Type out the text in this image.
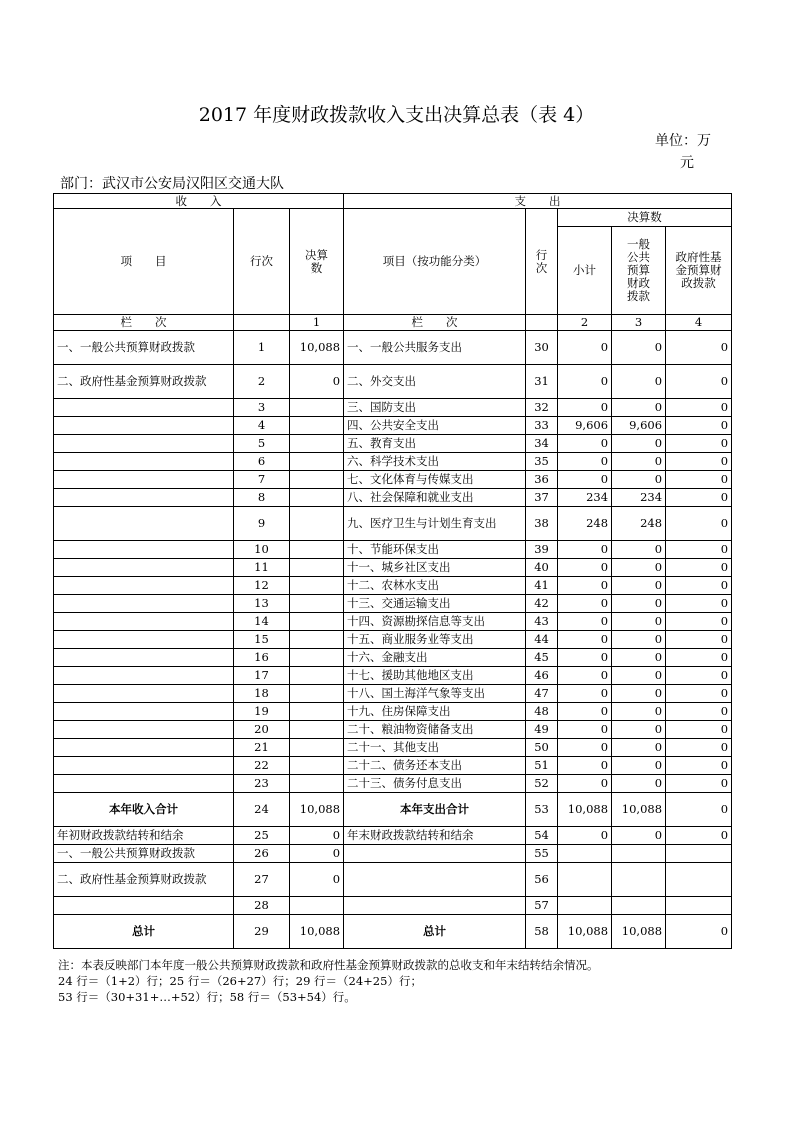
2017 年度财政拨款收入支出决算总表（表 4）
单位：万
元
部门：武汉市公安局汉阳区交通大队
收　　入			支　　出				
项　　目	行次	决算数	项目（按功能分类）	行次	决算数		
					小计	一般公共预算财政拨款	政府性基金预算财政拨款

栏　　次		1	栏　　次		2	3	4
一、一般公共预算财政拨款	1	10,088	一、一般公共服务支出	30	0	0	0
二、政府性基金预算财政拨款	2	0	二、外交支出	31	0	0	0
	3		三、国防支出	32	0	0	0
	4		四、公共安全支出	33	9,606	9,606	0
	5		五、教育支出	34	0	0	0
	6		六、科学技术支出	35	0	0	0
	7		七、文化体育与传媒支出	36	0	0	0
	8		八、社会保障和就业支出	37	234	234	0
	9		九、医疗卫生与计划生育支出	38	248	248	0
	10		十、节能环保支出	39	0	0	0
	11		十一、城乡社区支出	40	0	0	0
	12		十二、农林水支出	41	0	0	0
	13		十三、交通运输支出	42	0	0	0
	14		十四、资源勘探信息等支出	43	0	0	0
	15		十五、商业服务业等支出	44	0	0	0
	16		十六、金融支出	45	0	0	0
	17		十七、援助其他地区支出	46	0	0	0
	18		十八、国土海洋气象等支出	47	0	0	0
	19		十九、住房保障支出	48	0	0	0
	20		二十、粮油物资储备支出	49	0	0	0
	21		二十一、其他支出	50	0	0	0
	22		二十二、债务还本支出	51	0	0	0
	23		二十三、债务付息支出	52	0	0	0
本年收入合计	24	10,088	本年支出合计	53	10,088	10,088	0
年初财政拨款结转和结余	25	0	年末财政拨款结转和结余	54	0	0	0
一、一般公共预算财政拨款	26	0		55			
二、政府性基金预算财政拨款	27	0		56			
	28			57			
总计	29	10,088	总计	58	10,088	10,088	0
注：本表反映部门本年度一般公共预算财政拨款和政府性基金预算财政拨款的总收支和年末结转结余情况。
24 行＝（1+2）行；25 行＝（26+27）行；29 行＝（24+25）行；
53 行＝（30+31+…+52）行；58 行＝（53+54）行。
